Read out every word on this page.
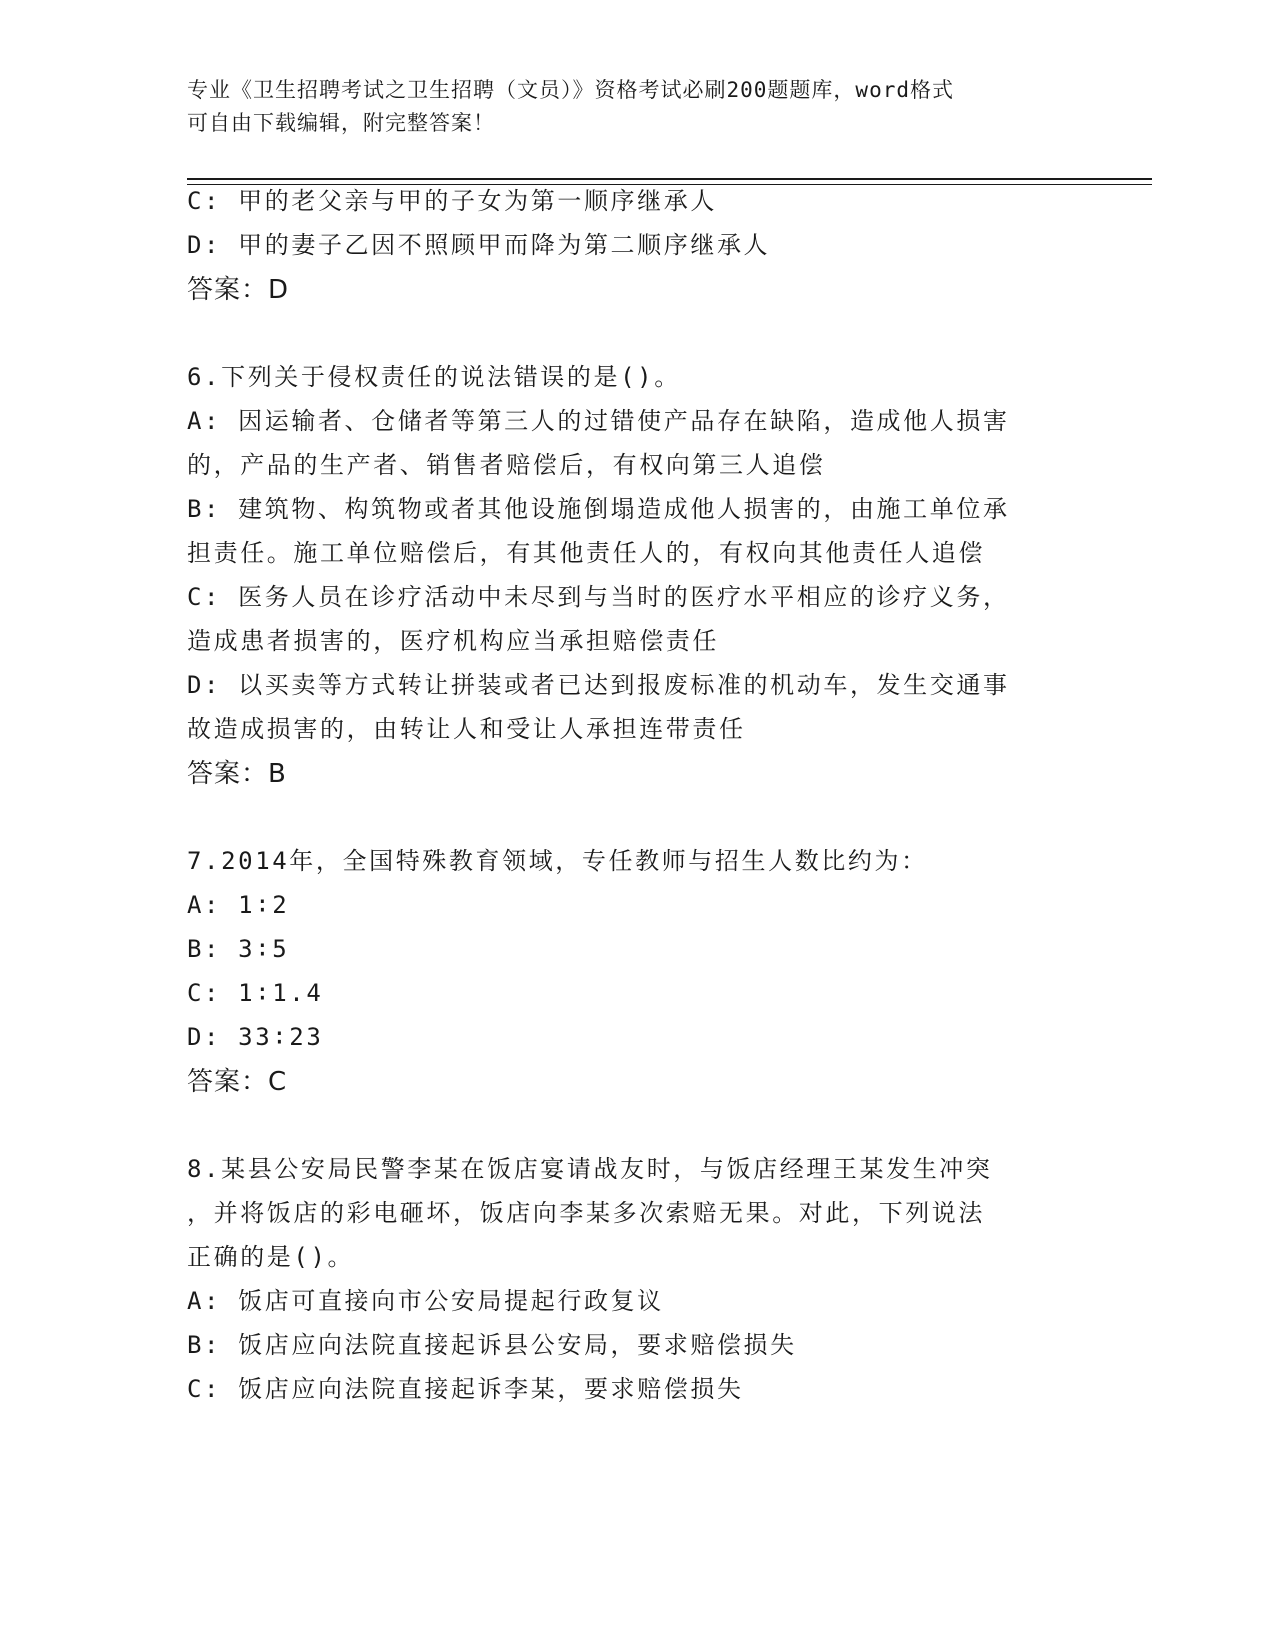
专业《卫生招聘考试之卫生招聘（文员）》资格考试必刷200题题库，word格式
可自由下载编辑，附完整答案！
C: 甲的老父亲与甲的子女为第一顺序继承人
D: 甲的妻子乙因不照顾甲而降为第二顺序继承人
答案：D
6.下列关于侵权责任的说法错误的是()。
A: 因运输者、仓储者等第三人的过错使产品存在缺陷，造成他人损害
的，产品的生产者、销售者赔偿后，有权向第三人追偿
B: 建筑物、构筑物或者其他设施倒塌造成他人损害的，由施工单位承
担责任。施工单位赔偿后，有其他责任人的，有权向其他责任人追偿
C: 医务人员在诊疗活动中未尽到与当时的医疗水平相应的诊疗义务，
造成患者损害的，医疗机构应当承担赔偿责任
D: 以买卖等方式转让拼装或者已达到报废标准的机动车，发生交通事
故造成损害的，由转让人和受让人承担连带责任
答案：B
7.2014年，全国特殊教育领域，专任教师与招生人数比约为：
A: 1∶2
B: 3∶5
C: 1∶1.4
D: 33∶23
答案：C
8.某县公安局民警李某在饭店宴请战友时，与饭店经理王某发生冲突
，并将饭店的彩电砸坏，饭店向李某多次索赔无果。对此，下列说法
正确的是()。
A: 饭店可直接向市公安局提起行政复议
B: 饭店应向法院直接起诉县公安局，要求赔偿损失
C: 饭店应向法院直接起诉李某，要求赔偿损失
